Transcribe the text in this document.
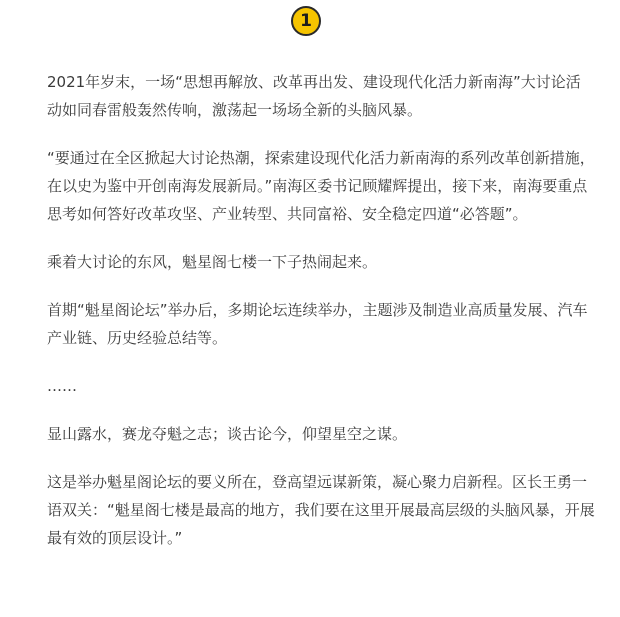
1

2021年岁末，一场“思想再解放、改革再出发、建设现代化活力新南海”大讨论活动如同春雷般轰然传响，激荡起一场场全新的头脑风暴。

“要通过在全区掀起大讨论热潮，探索建设现代化活力新南海的系列改革创新措施，在以史为鉴中开创南海发展新局。”南海区委书记顾耀辉提出，接下来，南海要重点思考如何答好改革攻坚、产业转型、共同富裕、安全稳定四道“必答题”。

乘着大讨论的东风，魁星阁七楼一下子热闹起来。

首期“魁星阁论坛”举办后，多期论坛连续举办，主题涉及制造业高质量发展、汽车产业链、历史经验总结等。

……

显山露水，赛龙夺魁之志；谈古论今，仰望星空之谋。

这是举办魁星阁论坛的要义所在，登高望远谋新策，凝心聚力启新程。区长王勇一语双关：“魁星阁七楼是最高的地方，我们要在这里开展最高层级的头脑风暴，开展最有效的顶层设计。”
